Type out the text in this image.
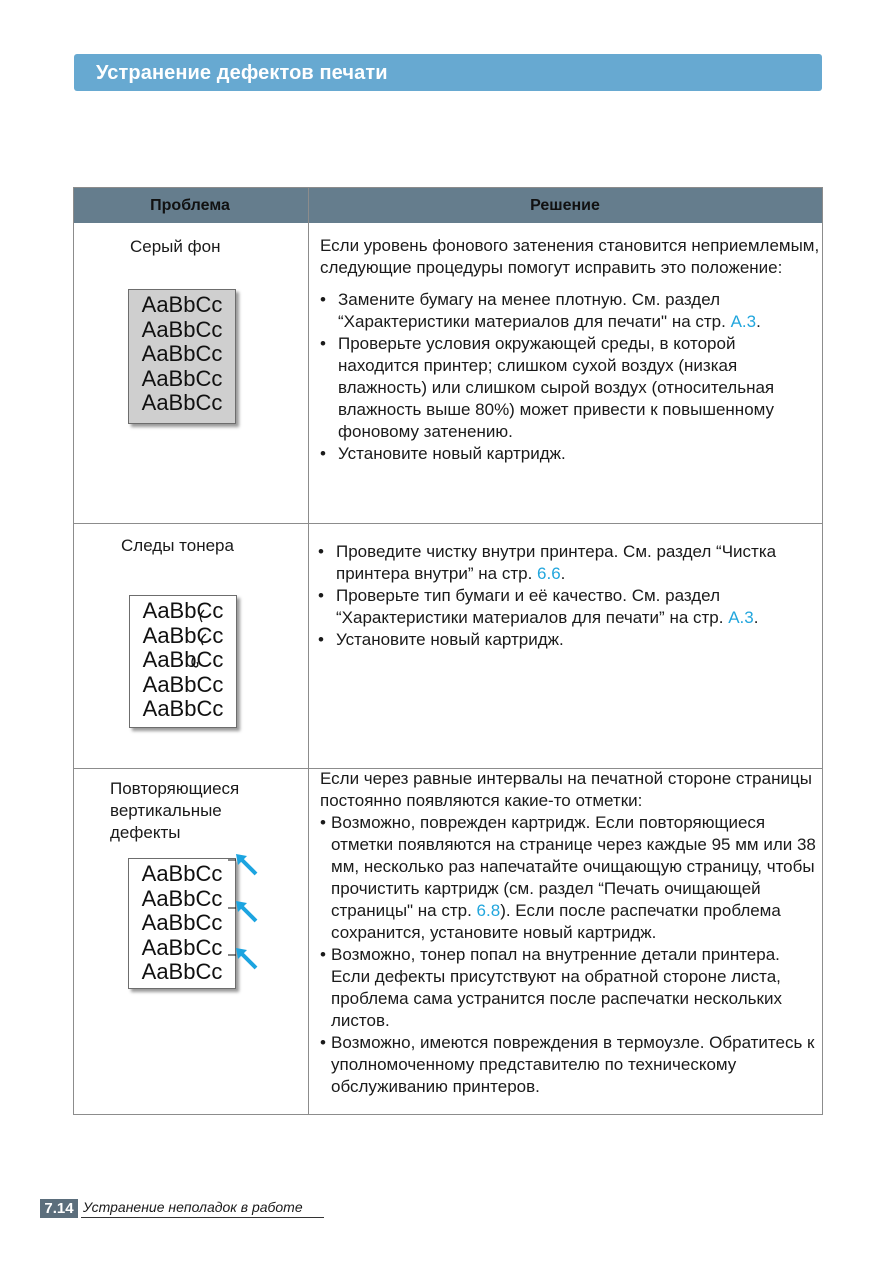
Устранение дефектов печати
Проблема	Решение
Серый фон
AaBbCc
AaBbCc
AaBbCc
AaBbCc
AaBbCc

Если уровень фонового затенения становится неприемлемым, следующие процедуры помогут исправить это положение:

• Замените бумагу на менее плотную. См. раздел “Характеристики материалов для печати" на стр. A.3.
• Проверьте условия окружающей среды, в которой находится принтер; слишком сухой воздух (низкая влажность) или слишком сырой воздух (относительная влажность выше 80%) может привести к повышенному фоновому затенению.
• Установите новый картридж.
Следы тонера
AaBbCc
AaBbCc
AaBbCc
AaBbCc
AaBbCc
• Проведите чистку внутри принтера. См. раздел “Чистка принтера внутри” на стр. 6.6.
• Проверьте тип бумаги и её качество. См. раздел “Характеристики материалов для печати” на стр. A.3.
• Установите новый картридж.
Повторяющиеся вертикальные дефекты
AaBbCc
AaBbCc
AaBbCc
AaBbCc
AaBbCc

Если через равные интервалы на печатной стороне страницы постоянно появляются какие-то отметки:

• Возможно, поврежден картридж. Если повторяющиеся отметки появляются на странице через каждые 95 мм или 38 мм, несколько раз напечатайте очищающую страницу, чтобы прочистить картридж (см. раздел “Печать очищающей страницы" на стр. 6.8). Если после распечатки проблема сохранится, установите новый картридж.
• Возможно, тонер попал на внутренние детали принтера. Если дефекты присутствуют на обратной стороне листа, проблема сама устранится после распечатки нескольких листов.
• Возможно, имеются повреждения в термоузле. Обратитесь к уполномоченному представителю по техническому обслуживанию принтеров.
7.14 Устранение неполадок в работе
